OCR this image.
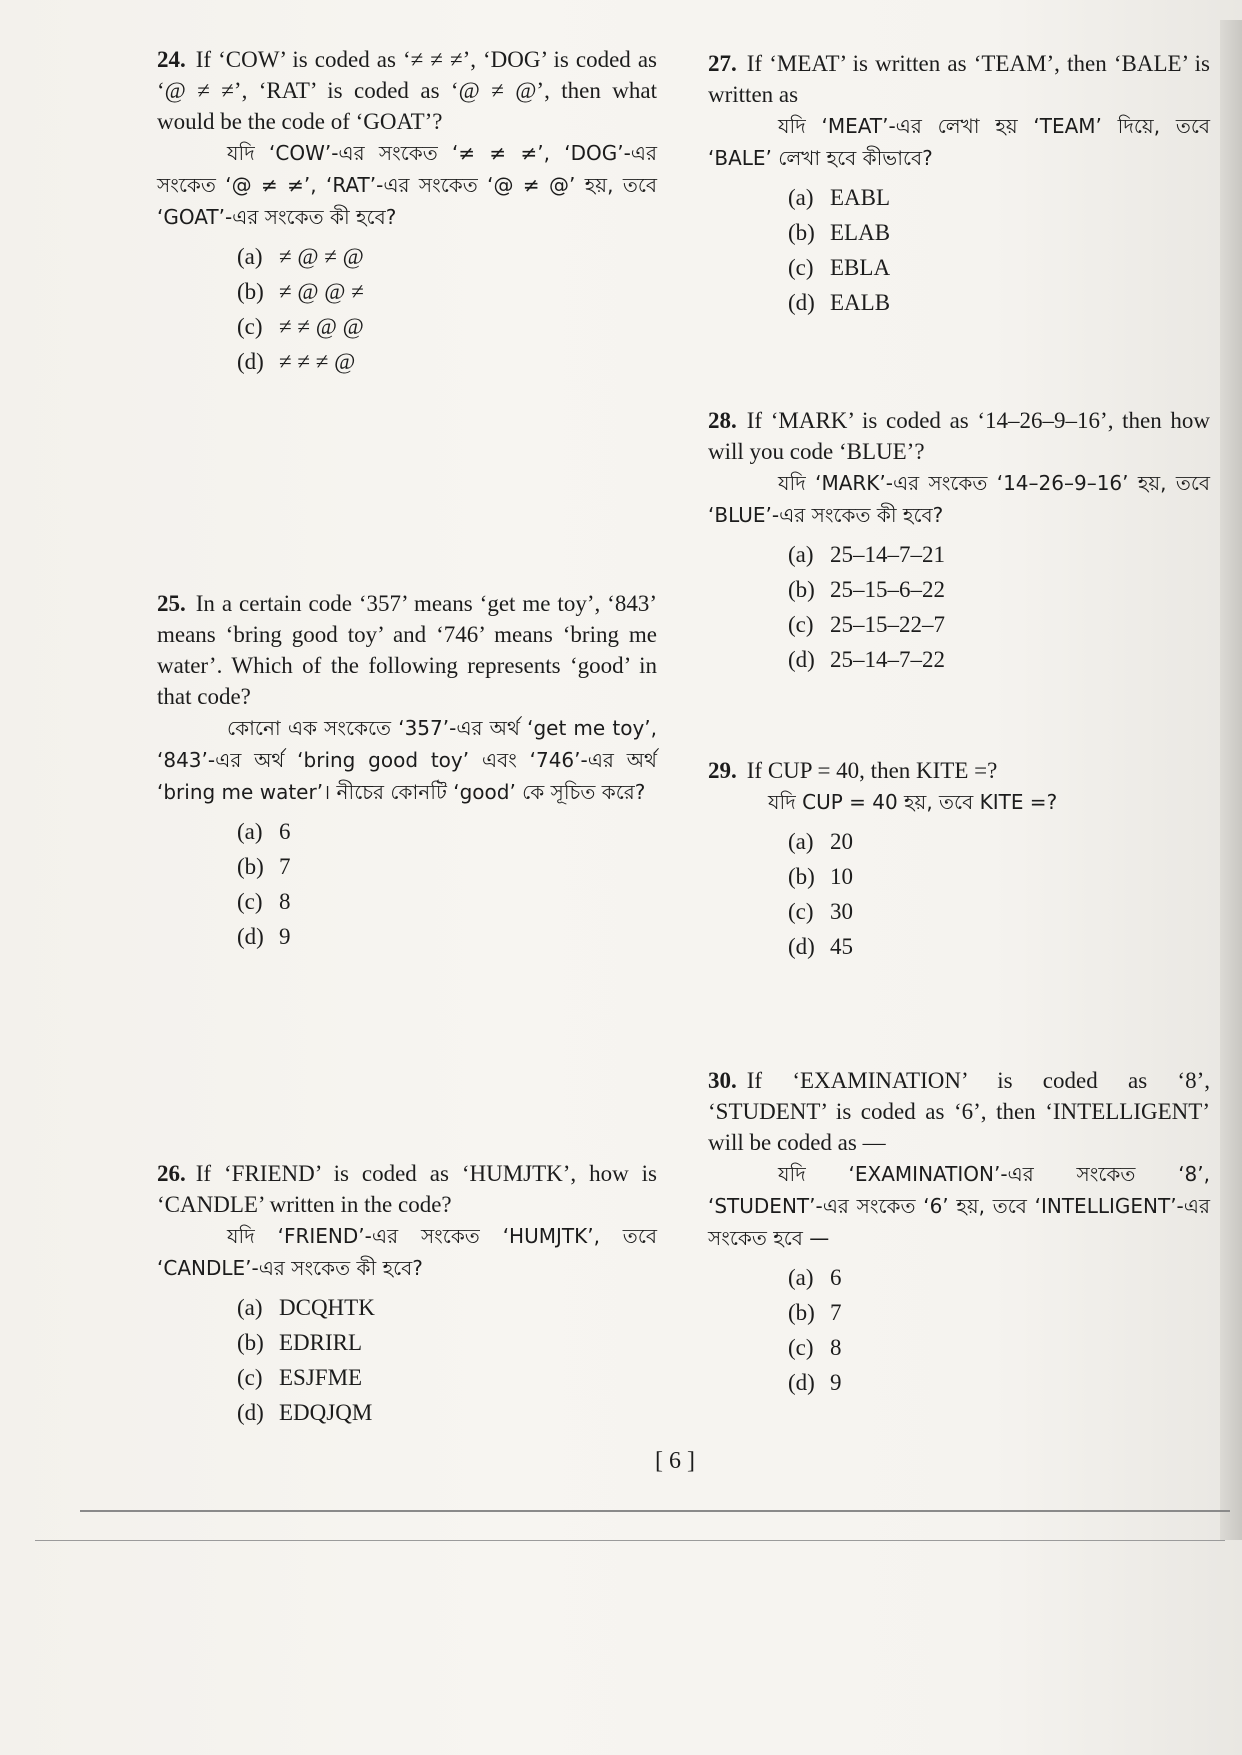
24. If ‘COW’ is coded as ‘≠ ≠ ≠’, ‘DOG’ is coded as ‘@ ≠ ≠’, ‘RAT’ is coded as ‘@ ≠ @’, then what would be the code of ‘GOAT’?

যদি ‘COW’-এর সংকেত ‘≠ ≠ ≠’, ‘DOG’-এর সংকেত ‘@ ≠ ≠’, ‘RAT’-এর সংকেত ‘@ ≠ @’ হয়, তবে ‘GOAT’-এর সংকেত কী হবে?

(a) ≠ @ ≠ @
(b) ≠ @ @ ≠
(c) ≠ ≠ @ @
(d) ≠ ≠ ≠ @

25. In a certain code ‘357’ means ‘get me toy’, ‘843’ means ‘bring good toy’ and ‘746’ means ‘bring me water’. Which of the following represents ‘good’ in that code?

কোনো এক সংকেতে ‘357’-এর অর্থ ‘get me toy’, ‘843’-এর অর্থ ‘bring good toy’ এবং ‘746’-এর অর্থ ‘bring me water’। নীচের কোনটি ‘good’ কে সূচিত করে?

(a) 6
(b) 7
(c) 8
(d) 9

26. If ‘FRIEND’ is coded as ‘HUMJTK’, how is ‘CANDLE’ written in the code?

যদি ‘FRIEND’-এর সংকেত ‘HUMJTK’, তবে ‘CANDLE’-এর সংকেত কী হবে?

(a) DCQHTK
(b) EDRIRL
(c) ESJFME
(d) EDQJQM

27. If ‘MEAT’ is written as ‘TEAM’, then ‘BALE’ is written as

যদি ‘MEAT’-এর লেখা হয় ‘TEAM’ দিয়ে, তবে ‘BALE’ লেখা হবে কীভাবে?

(a) EABL
(b) ELAB
(c) EBLA
(d) EALB

28. If ‘MARK’ is coded as ‘14–26–9–16’, then how will you code ‘BLUE’?

যদি ‘MARK’-এর সংকেত ‘14–26–9–16’ হয়, তবে ‘BLUE’-এর সংকেত কী হবে?

(a) 25–14–7–21
(b) 25–15–6–22
(c) 25–15–22–7
(d) 25–14–7–22

29. If CUP = 40, then KITE =?

যদি CUP = 40 হয়, তবে KITE =?

(a) 20
(b) 10
(c) 30
(d) 45

30. If ‘EXAMINATION’ is coded as ‘8’, ‘STUDENT’ is coded as ‘6’, then ‘INTELLIGENT’ will be coded as —

যদি ‘EXAMINATION’-এর সংকেত ‘8’, ‘STUDENT’-এর সংকেত ‘6’ হয়, তবে ‘INTELLIGENT’-এর সংকেত হবে —

(a) 6
(b) 7
(c) 8
(d) 9
[ 6 ]
